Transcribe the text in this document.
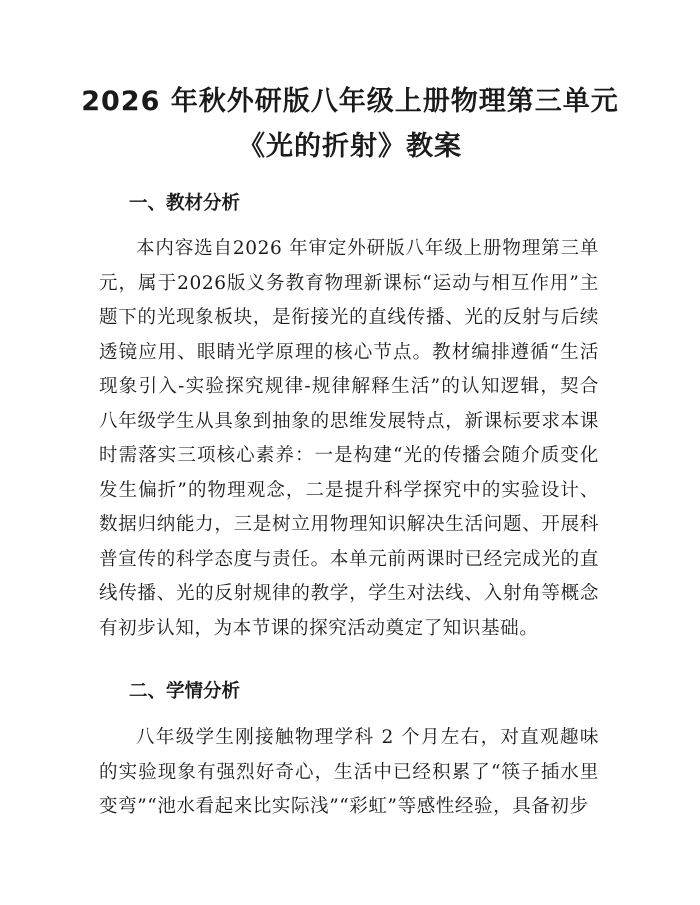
2026 年秋外研版八年级上册物理第三单元
《光的折射》教案
一、教材分析

本内容选自2026 年审定外研版八年级上册物理第三单元，属于2026版义务教育物理新课标“运动与相互作用”主题下的光现象板块，是衔接光的直线传播、光的反射与后续透镜应用、眼睛光学原理的核心节点。教材编排遵循“生活现象引入-实验探究规律-规律解释生活”的认知逻辑，契合八年级学生从具象到抽象的思维发展特点，新课标要求本课时需落实三项核心素养：一是构建“光的传播会随介质变化发生偏折”的物理观念，二是提升科学探究中的实验设计、数据归纳能力，三是树立用物理知识解决生活问题、开展科普宣传的科学态度与责任。本单元前两课时已经完成光的直线传播、光的反射规律的教学，学生对法线、入射角等概念有初步认知，为本节课的探究活动奠定了知识基础。

二、学情分析

八年级学生刚接触物理学科 2 个月左右，对直观趣味的实验现象有强烈好奇心，生活中已经积累了“筷子插水里变弯”“池水看起来比实际浅”“彩虹”等感性经验，具备初步
